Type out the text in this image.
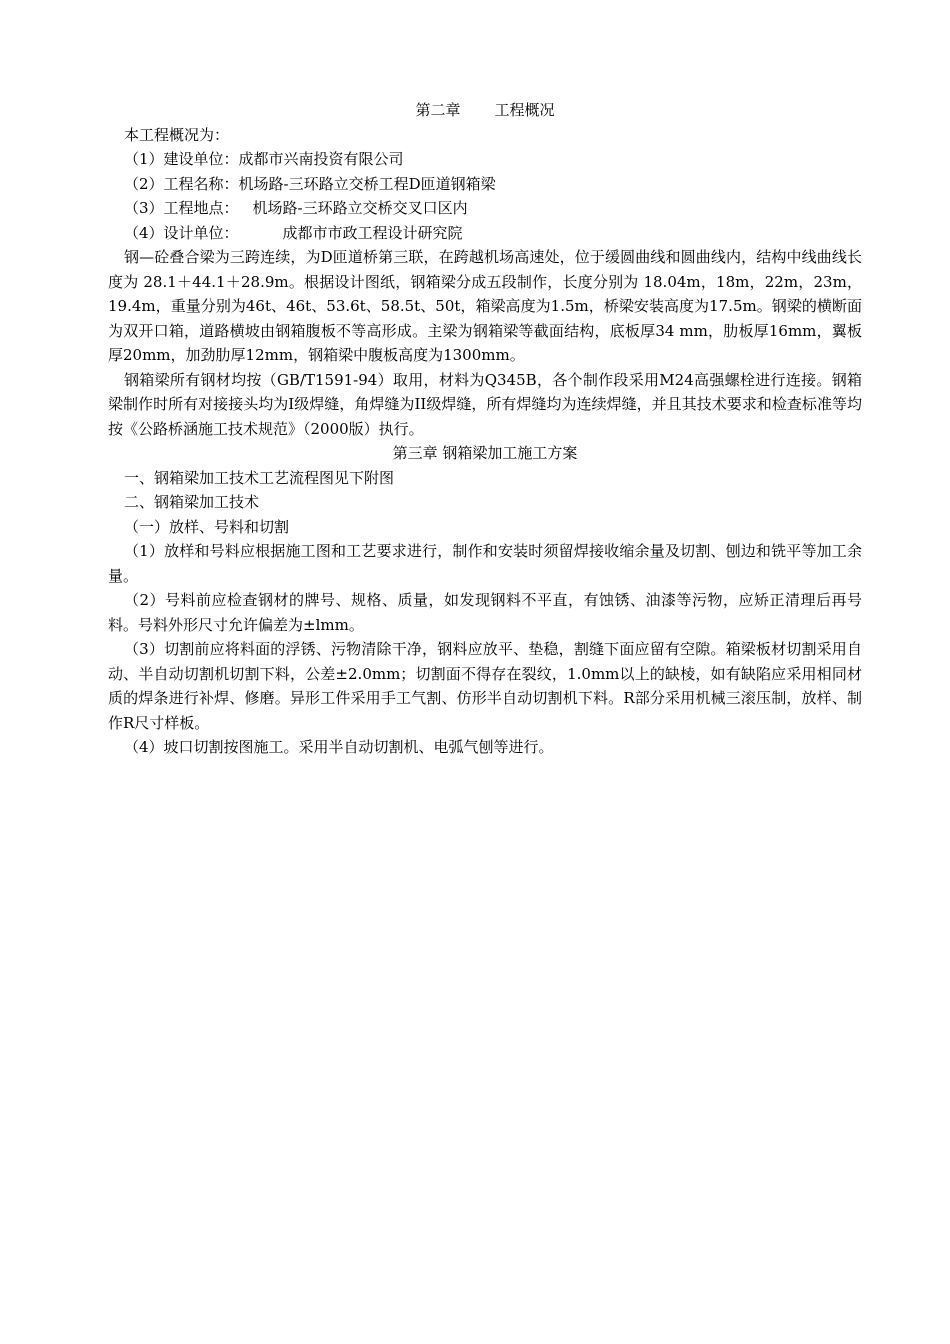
第二章 工程概况
本工程概况为：
（1）建设单位：成都市兴南投资有限公司
（2）工程名称：机场路-三环路立交桥工程D匝道钢箱梁
（3）工程地点： 机场路-三环路立交桥交叉口区内
（4）设计单位：	成都市市政工程设计研究院

钢—砼叠合梁为三跨连续，为D匝道桥第三联，在跨越机场高速处，位于缓圆曲线和圆曲线内，结构中线曲线长度为 28.1＋44.1＋28.9m。根据设计图纸，钢箱梁分成五段制作，长度分别为 18.04m，18m，22m，23m，19.4m，重量分别为46t、46t、53.6t、58.5t、50t，箱梁高度为1.5m，桥梁安装高度为17.5m。钢梁的横断面为双开口箱，道路横坡由钢箱腹板不等高形成。主梁为钢箱梁等截面结构，底板厚34 mm，肋板厚16mm，翼板厚20mm，加劲肋厚12mm，钢箱梁中腹板高度为1300mm。

钢箱梁所有钢材均按（GB/T1591-94）取用，材料为Q345B，各个制作段采用M24高强螺栓进行连接。钢箱梁制作时所有对接接头均为I级焊缝，角焊缝为II级焊缝，所有焊缝均为连续焊缝，并且其技术要求和检查标准等均按《公路桥涵施工技术规范》（2000版）执行。

第三章 钢箱梁加工施工方案
一、钢箱梁加工技术工艺流程图见下附图
二、钢箱梁加工技术
（一）放样、号料和切割

（1）放样和号料应根据施工图和工艺要求进行，制作和安装时须留焊接收缩余量及切割、刨边和铣平等加工余量。

（2）号料前应检查钢材的牌号、规格、质量，如发现钢料不平直，有蚀锈、油漆等污物，应矫正清理后再号料。号料外形尺寸允许偏差为±lmm。

（3）切割前应将料面的浮锈、污物清除干净，钢料应放平、垫稳，割缝下面应留有空隙。箱梁板材切割采用自动、半自动切割机切割下料，公差±2.0mm；切割面不得存在裂纹，1.0mm以上的缺棱，如有缺陷应采用相同材质的焊条进行补焊、修磨。异形工件采用手工气割、仿形半自动切割机下料。R部分采用机械三滚压制，放样、制作R尺寸样板。

（4）坡口切割按图施工。采用半自动切割机、电弧气刨等进行。
